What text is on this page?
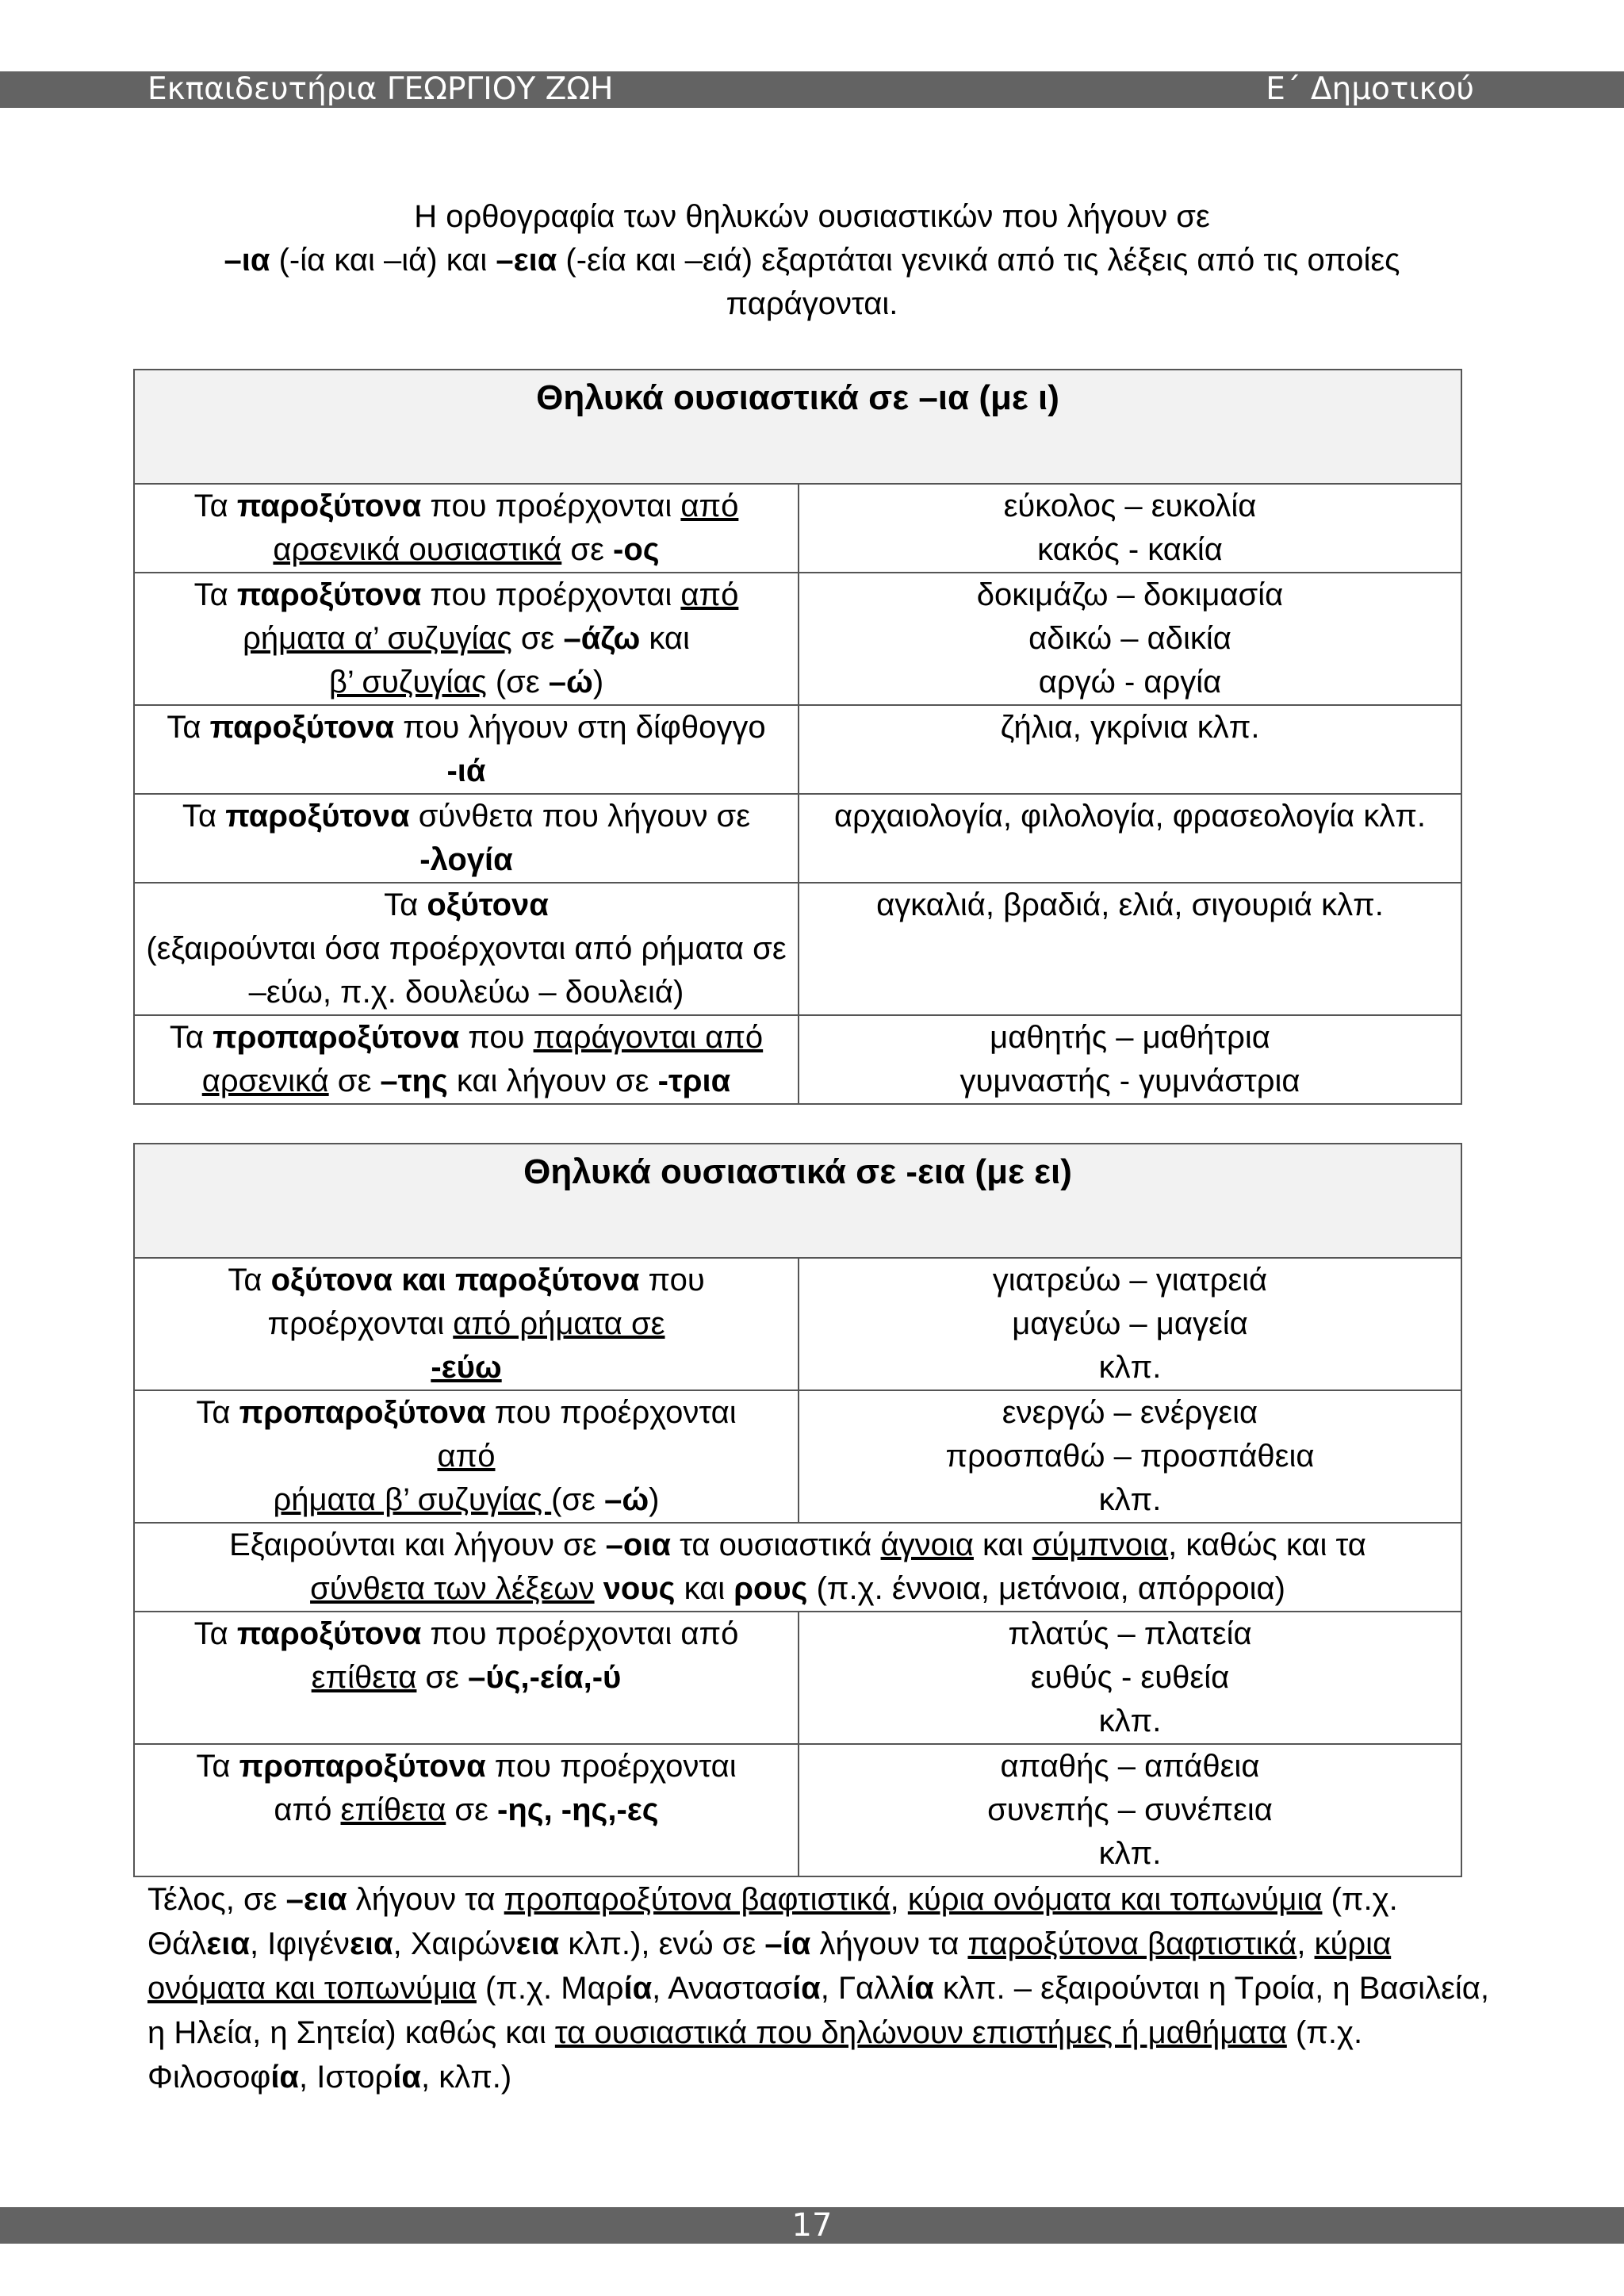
Εκπαιδευτήρια ΓΕΩΡΓΙΟΥ ΖΩΗ	Ε΄ Δημοτικού
Η ορθογραφία των θηλυκών ουσιαστικών που λήγουν σε
–ια (-ία και –ιά) και –εια (-εία και –ειά) εξαρτάται γενικά από τις λέξεις από τις οποίες παράγονται.
Θηλυκά ουσιαστικά σε –ια (με ι)	
Τα παροξύτονα που προέρχονται από
αρσενικά ουσιαστικά σε -ος	εύκολος – ευκολία
κακός - κακία
Τα παροξύτονα που προέρχονται από
ρήματα α’ συζυγίας σε –άζω και
β’ συζυγίας (σε –ώ)	δοκιμάζω – δοκιμασία
αδικώ – αδικία
αργώ - αργία
Τα παροξύτονα που λήγουν στη δίφθογγο
-ιά	ζήλια, γκρίνια κλπ.
Τα παροξύτονα σύνθετα που λήγουν σε
-λογία	αρχαιολογία, φιλολογία, φρασεολογία κλπ.
Τα οξύτονα
(εξαιρούνται όσα προέρχονται από ρήματα σε –εύω, π.χ. δουλεύω – δουλειά)	αγκαλιά, βραδιά, ελιά, σιγουριά κλπ.
Τα προπαροξύτονα που παράγονται από
αρσενικά σε –της και λήγουν σε -τρια	μαθητής – μαθήτρια
γυμναστής - γυμνάστρια
Θηλυκά ουσιαστικά σε -εια (με ει)	
Τα οξύτονα και παροξύτονα που
προέρχονται από ρήματα σε
-εύω	γιατρεύω – γιατρειά
μαγεύω – μαγεία
κλπ.
Τα προπαροξύτονα που προέρχονται
από
ρήματα β’ συζυγίας (σε –ώ)	ενεργώ – ενέργεια
προσπαθώ – προσπάθεια
κλπ.
Εξαιρούνται και λήγουν σε –οια τα ουσιαστικά άγνοια και σύμπνοια, καθώς και τα
σύνθετα των λέξεων νους και ρους (π.χ. έννοια, μετάνοια, απόρροια)	
Τα παροξύτονα που προέρχονται από
επίθετα σε –ύς,-εία,-ύ	πλατύς – πλατεία
ευθύς - ευθεία
κλπ.
Τα προπαροξύτονα που προέρχονται
από επίθετα σε -ης, -ης,-ες	απαθής – απάθεια
συνεπής – συνέπεια
κλπ.
Τέλος, σε –εια λήγουν τα προπαροξύτονα βαφτιστικά, κύρια ονόματα και τοπωνύμια (π.χ. Θάλεια, Ιφιγένεια, Χαιρώνεια κλπ.), ενώ σε –ία λήγουν τα παροξύτονα βαφτιστικά, κύρια ονόματα και τοπωνύμια (π.χ. Μαρία, Αναστασία, Γαλλία κλπ. – εξαιρούνται η Τροία, η Βασιλεία, η Ηλεία, η Σητεία) καθώς και τα ουσιαστικά που δηλώνουν επιστήμες ή μαθήματα (π.χ. Φιλοσοφία, Ιστορία, κλπ.)
17
